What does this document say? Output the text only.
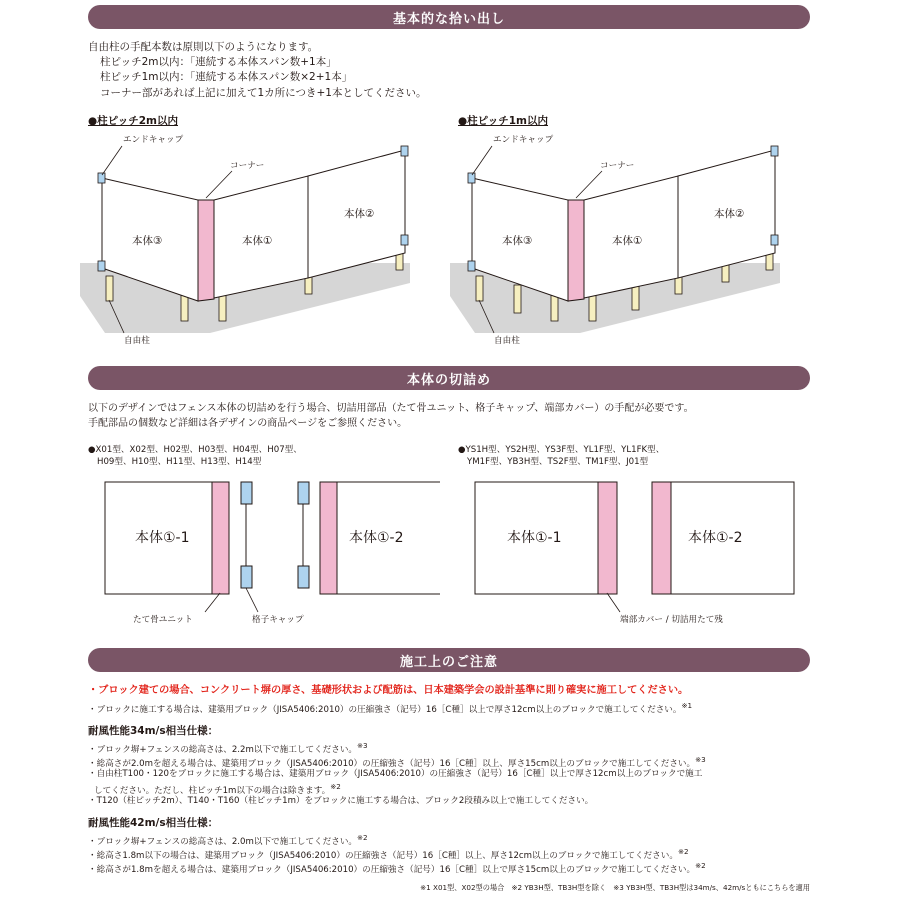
基本的な拾い出し
自由柱の手配本数は原則以下のようになります。
柱ピッチ2m以内：「連続する本体スパン数+1本」
柱ピッチ1m以内：「連続する本体スパン数×2+1本」
コーナー部があれば上記に加えて1カ所につき+1本としてください。
●柱ピッチ2m以内	●柱ピッチ1m以内
エンドキャップ
コーナー
本体③	本体①
本体②
自由柱
エンドキャップ
コーナー
本体③	本体①
本体②
自由柱
本体の切詰め
以下のデザインではフェンス本体の切詰めを行う場合、切詰用部品（たて骨ユニット、格子キャップ、端部カバー）の手配が必要です。
手配部品の個数など詳細は各デザインの商品ページをご参照ください。
●X01型、X02型、H02型、H03型、H04型、H07型、
H09型、H10型、H11型、H13型、H14型
●YS1H型、YS2H型、YS3F型、YL1F型、YL1FK型、
YM1F型、YB3H型、TS2F型、TM1F型、J01型
本体①-1	本体①-2
たて骨ユニット	格子キャップ
本体①-1	本体①-2
端部カバー / 切詰用たて残
施工上のご注意
・ブロック建ての場合、コンクリート塀の厚さ、基礎形状および配筋は、日本建築学会の設計基準に則り確実に施工してください。
・ブロックに施工する場合は、建築用ブロック（JISA5406:2010）の圧縮強さ（記号）16［C種］以上で厚さ12cm以上のブロックで施工してください。$^{※1}$
耐風性能34m/s相当仕様：
・ブロック塀+フェンスの総高さは、2.2m以下で施工してください。$^{※3}$
・総高さが2.0mを超える場合は、建築用ブロック（JISA5406:2010）の圧縮強さ（記号）16［C種］以上、厚さ15cm以上のブロックで施工してください。$^{※3}$
・自由柱T100・120をブロックに施工する場合は、建築用ブロック（JISA5406:2010）の圧縮強さ（記号）16［C種］以上で厚さ12cm以上のブロックで施工
してください。ただし、柱ピッチ1m以下の場合は除きます。$^{※2}$
・T120（柱ピッチ2m）、T140・T160（柱ピッチ1m）をブロックに施工する場合は、ブロック2段積み以上で施工してください。
耐風性能42m/s相当仕様：
・ブロック塀+フェンスの総高さは、2.0m以下で施工してください。$^{※2}$
・総高さ1.8m以下の場合は、建築用ブロック（JISA5406:2010）の圧縮強さ（記号）16［C種］以上、厚さ12cm以上のブロックで施工してください。$^{※2}$
・総高さが1.8mを超える場合は、建築用ブロック（JISA5406:2010）の圧縮強さ（記号）16［C種］以上で厚さ15cm以上のブロックで施工してください。$^{※2}$
※1 X01型、X02型の場合　※2 YB3H型、TB3H型を除く　※3 YB3H型、TB3H型は34m/s、42m/sともにこちらを適用
